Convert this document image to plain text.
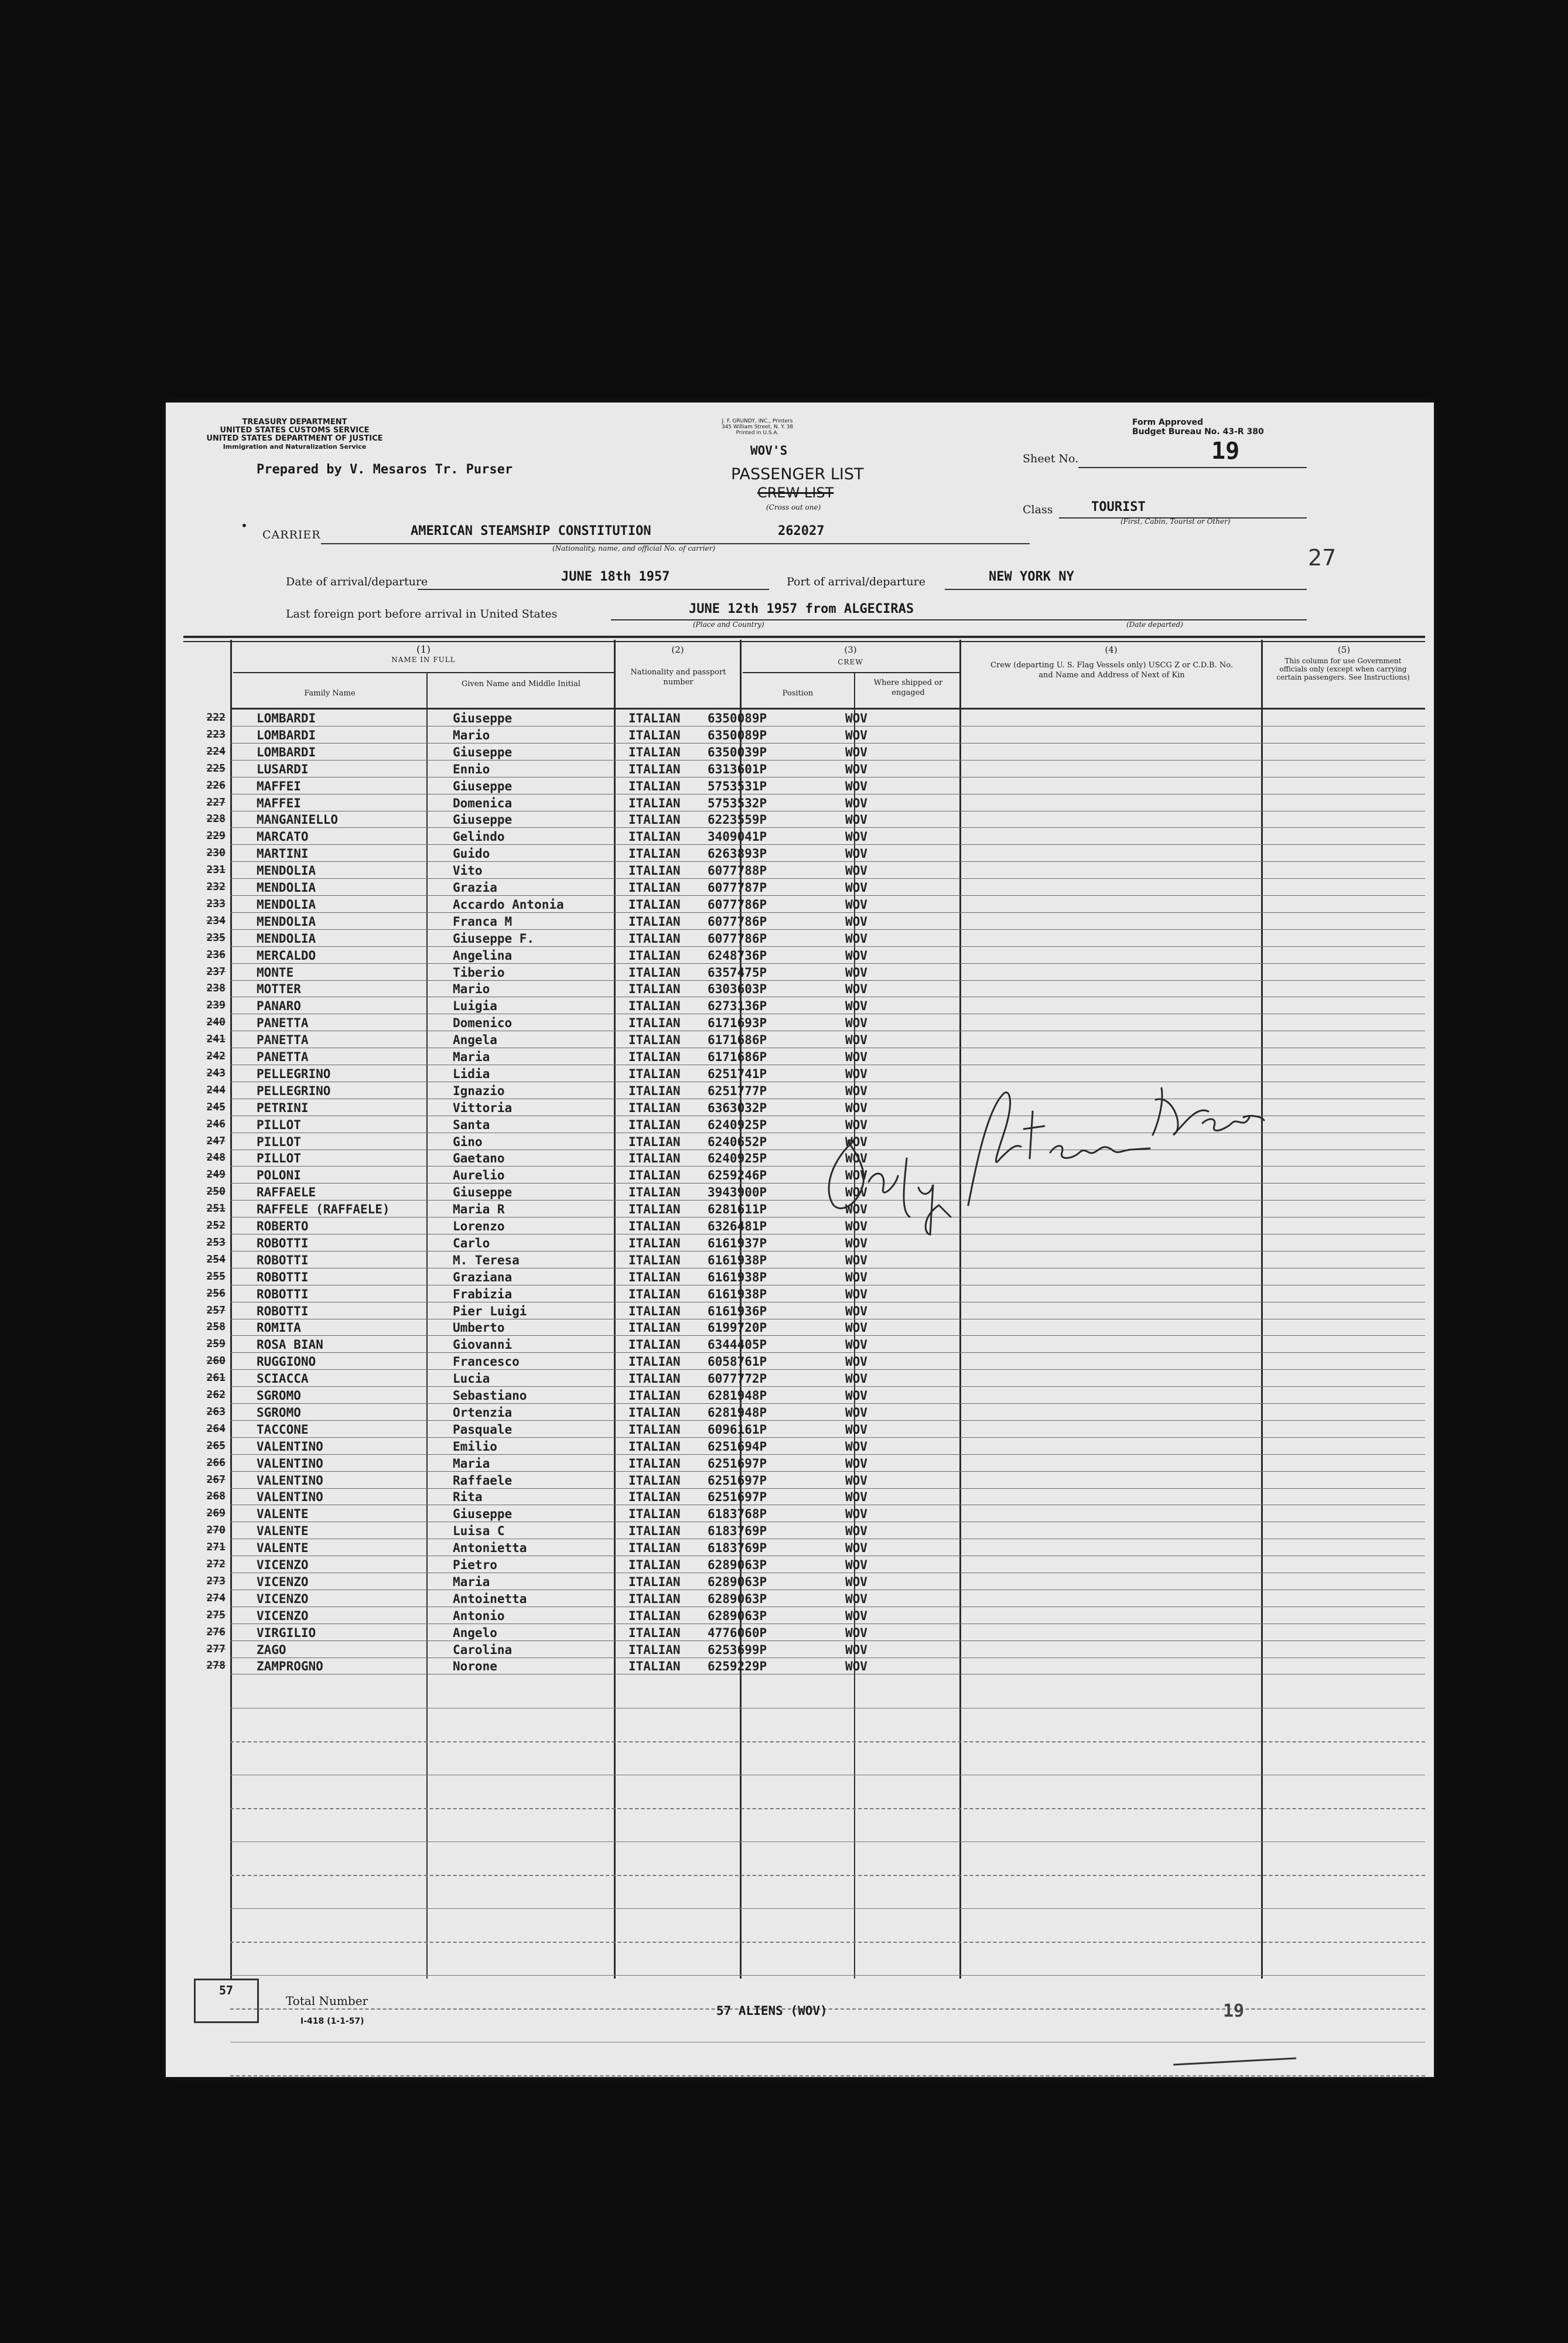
TREASURY DEPARTMENT
UNITED STATES CUSTOMS SERVICE
UNITED STATES DEPARTMENT OF JUSTICE
Immigration and Naturalization Service
J. F. GRUNDY, INC., Printers
345 William Street, N. Y. 38
Printed in U.S.A.
WOV'S
Form Approved
Budget Bureau No. 43-R 380
Sheet No.	19
Prepared by V. Mesaros Tr. Purser	PASSENGER LIST
CREW LIST
(Cross out one)	Class	TOURIST
(First, Cabin, Tourist or Other)
•
CARRIER	AMERICAN STEAMSHIP CONSTITUTION	262027
(Nationality, name, and official No. of carrier)	27
Date of arrival/departure	JUNE 18th 1957	Port of arrival/departure	NEW YORK NY
Last foreign port before arrival in United States	JUNE 12th 1957 from ALGECIRAS
(Place and Country)	(Date departed)
(1)
NAME IN FULL
Family Name
Given Name and Middle Initial
(2)
Nationality and passport number
(3)
CREW
Position
Where shipped or engaged
(4)
Crew (departing U. S. Flag Vessels only) USCG Z or C.D.B. No. and Name and Address of Next of Kin
(5)
This column for use Government officials only (except when carrying certain passengers. See Instructions)
222	LOMBARDI	Giuseppe	ITALIAN 6350089P	WOV
223	LOMBARDI	Mario	ITALIAN 6350089P	WOV
224	LOMBARDI	Giuseppe	ITALIAN 6350039P	WOV
225	LUSARDI	Ennio	ITALIAN 6313601P	WOV
226	MAFFEI	Giuseppe	ITALIAN 5753531P	WOV
227	MAFFEI	Domenica	ITALIAN 5753532P	WOV
228	MANGANIELLO	Giuseppe	ITALIAN 6223559P	WOV
229	MARCATO	Gelindo	ITALIAN 3409041P	WOV
230	MARTINI	Guido	ITALIAN 6263893P	WOV
231	MENDOLIA	Vito	ITALIAN 6077788P	WOV
232	MENDOLIA	Grazia	ITALIAN 6077787P	WOV
233	MENDOLIA	Accardo Antonia	ITALIAN 6077786P	WOV
234	MENDOLIA	Franca M	ITALIAN 6077786P	WOV
235	MENDOLIA	Giuseppe F.	ITALIAN 6077786P	WOV
236	MERCALDO	Angelina	ITALIAN 6248736P	WOV
237	MONTE	Tiberio	ITALIAN 6357475P	WOV
238	MOTTER	Mario	ITALIAN 6303603P	WOV
239	PANARO	Luigia	ITALIAN 6273136P	WOV
240	PANETTA	Domenico	ITALIAN 6171693P	WOV
241	PANETTA	Angela	ITALIAN 6171686P	WOV
242	PANETTA	Maria	ITALIAN 6171686P	WOV
243	PELLEGRINO	Lidia	ITALIAN 6251741P	WOV
244	PELLEGRINO	Ignazio	ITALIAN 6251777P	WOV
245	PETRINI	Vittoria	ITALIAN 6363032P	WOV
246	PILLOT	Santa	ITALIAN 6240925P	WOV
247	PILLOT	Gino	ITALIAN 6240652P	WOV
248	PILLOT	Gaetano	ITALIAN 6240925P	WOV
249	POLONI	Aurelio	ITALIAN 6259246P	WOV
250	RAFFAELE	Giuseppe	ITALIAN 3943900P	WOV
251	RAFFELE (RAFFAELE)	Maria R	ITALIAN 6281611P	WOV
252	ROBERTO	Lorenzo	ITALIAN 6326481P	WOV
253	ROBOTTI	Carlo	ITALIAN 6161937P	WOV
254	ROBOTTI	M. Teresa	ITALIAN 6161938P	WOV
255	ROBOTTI	Graziana	ITALIAN 6161938P	WOV
256	ROBOTTI	Frabizia	ITALIAN 6161938P	WOV
257	ROBOTTI	Pier Luigi	ITALIAN 6161936P	WOV
258	ROMITA	Umberto	ITALIAN 6199720P	WOV
259	ROSA BIAN	Giovanni	ITALIAN 6344405P	WOV
260	RUGGIONO	Francesco	ITALIAN 6058761P	WOV
261	SCIACCA	Lucia	ITALIAN 6077772P	WOV
262	SGROMO	Sebastiano	ITALIAN 6281948P	WOV
263	SGROMO	Ortenzia	ITALIAN 6281948P	WOV
264	TACCONE	Pasquale	ITALIAN 6096161P	WOV
265	VALENTINO	Emilio	ITALIAN 6251694P	WOV
266	VALENTINO	Maria	ITALIAN 6251697P	WOV
267	VALENTINO	Raffaele	ITALIAN 6251697P	WOV
268	VALENTINO	Rita	ITALIAN 6251697P	WOV
269	VALENTE	Giuseppe	ITALIAN 6183768P	WOV
270	VALENTE	Luisa C	ITALIAN 6183769P	WOV
271	VALENTE	Antonietta	ITALIAN 6183769P	WOV
272	VICENZO	Pietro	ITALIAN 6289063P	WOV
273	VICENZO	Maria	ITALIAN 6289063P	WOV
274	VICENZO	Antoinetta	ITALIAN 6289063P	WOV
275	VICENZO	Antonio	ITALIAN 6289063P	WOV
276	VIRGILIO	Angelo	ITALIAN 4776060P	WOV
277	ZAGO	Carolina	ITALIAN 6253699P	WOV
278	ZAMPROGNO	Norone	ITALIAN 6259229P	WOV
57
Total Number
I-418 (1-1-57)
57 ALIENS (WOV)	19
